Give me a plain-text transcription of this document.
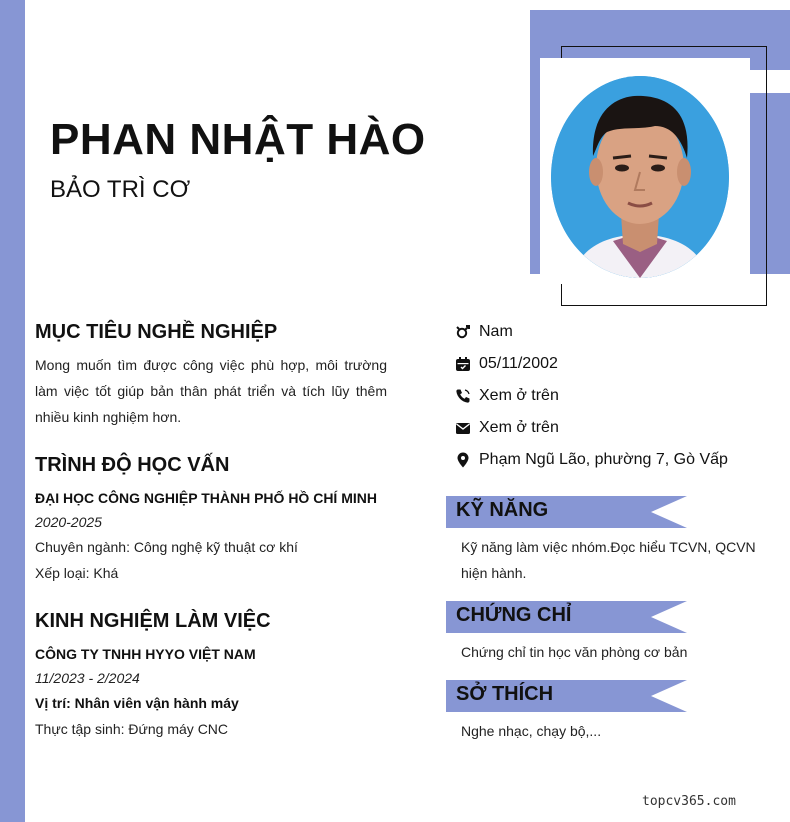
PHAN NHẬT HÀO
BẢO TRÌ CƠ
MỤC TIÊU NGHỀ NGHIỆP
Mong muốn tìm được công việc phù hợp, môi trường làm việc tốt giúp bản thân phát triển và tích lũy thêm nhiều kinh nghiệm hơn.
TRÌNH ĐỘ HỌC VẤN
ĐẠI HỌC CÔNG NGHIỆP THÀNH PHỐ HỒ CHÍ MINH
2020-2025
Chuyên ngành: Công nghệ kỹ thuật cơ khí
Xếp loại: Khá
KINH NGHIỆM LÀM VIỆC
CÔNG TY TNHH HYYO VIỆT NAM
11/2023 - 2/2024
Vị trí: Nhân viên vận hành máy
Thực tập sinh: Đứng máy CNC
Nam
05/11/2002
Xem ở trên
Xem ở trên
Phạm Ngũ Lão, phường 7, Gò Vấp
KỸ NĂNG
Kỹ năng làm việc nhóm.Đọc hiểu TCVN, QCVN hiện hành.
CHỨNG CHỈ
Chứng chỉ tin học văn phòng cơ bản
SỞ THÍCH
Nghe nhạc, chạy bộ,...
topcv365.com
